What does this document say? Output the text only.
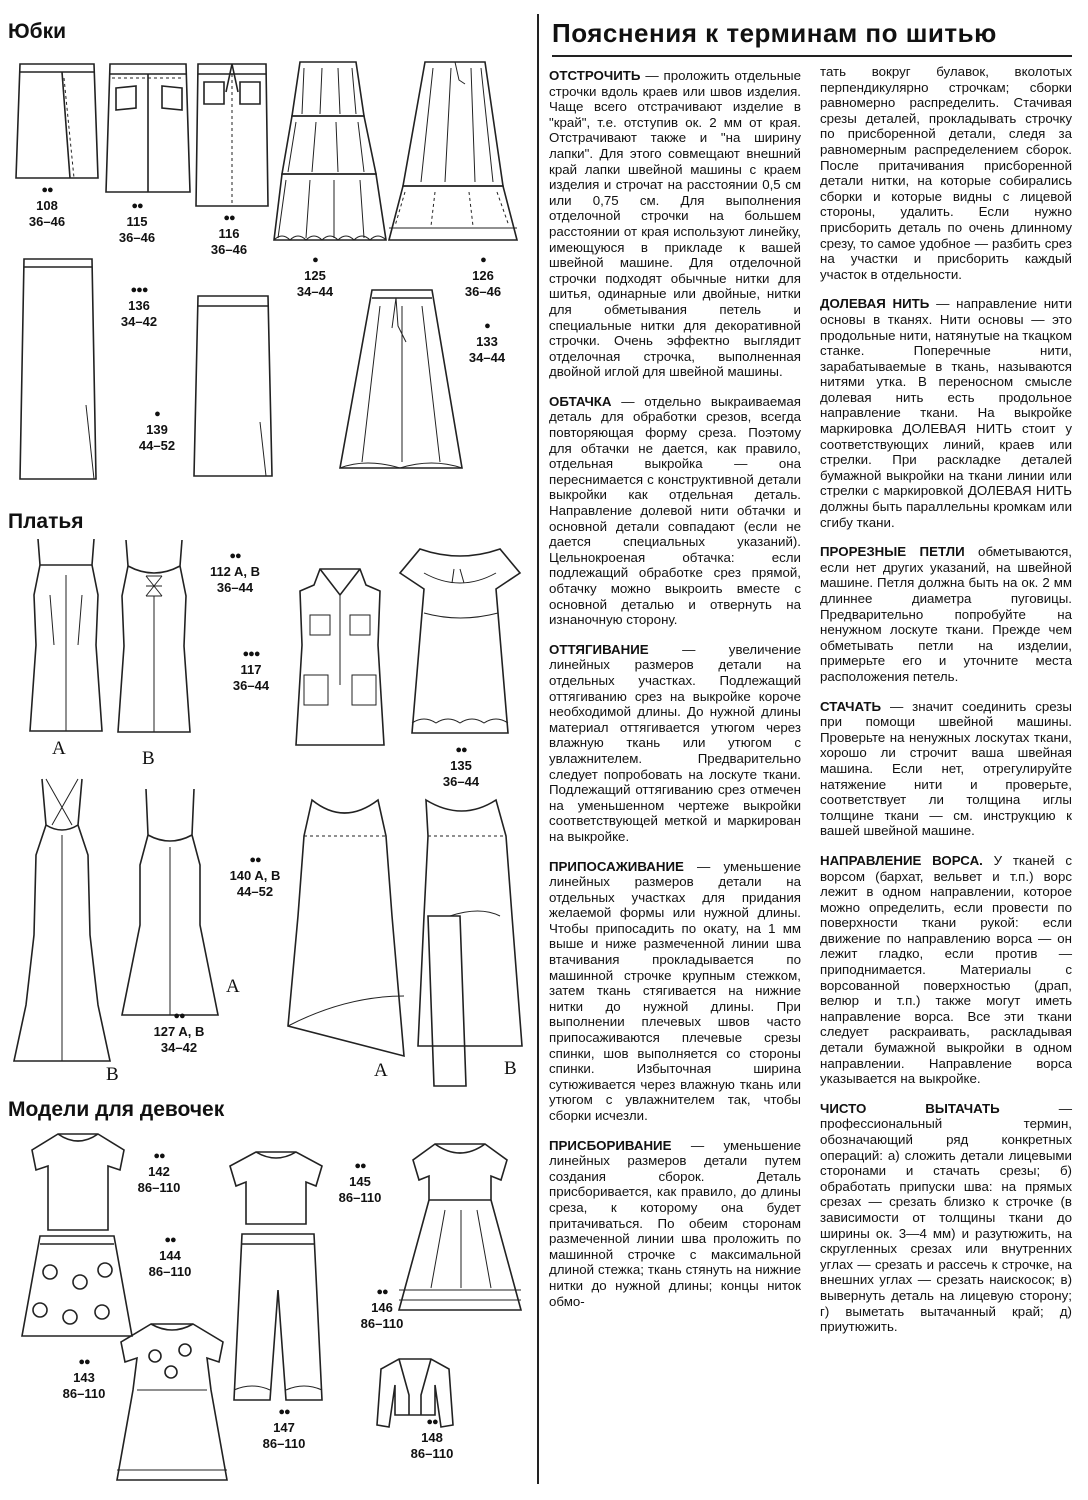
Юбки
Платья
Модели для девочек
●●
108
36–46
●●
115
36–46
●●
116
36–46
●
125
34–44
●
126
36–46
●●●
136
34–42	●
133
34–44
●
139
44–52
●●
112 A, B
36–44
●●●
117
36–44
●●
135
36–44
●●
140 A, B
44–52
●●
127 A, B
34–42
●●
142
86–110
●●
145
86–110
●●
144
86–110
●●
146
86–110
●●
143
86–110
●●
147
86–110
●●
148
86–110
A	B
A
B	A	B
Пояснения к терминам по шитью

ОТСТРОЧИТЬ — проложить отдельные строчки вдоль краев или швов изделия. Чаще всего отстрачивают изделие в "край", т.е. отступив ок. 2 мм от края. Отстрачивают также и "на ширину лапки". Для этого совмещают внешний край лапки швейной машины с краем изделия и строчат на расстоянии 0,5 см или 0,75 см. Для выполнения отделочной строчки на большем расстоянии от края используют линейку, имеющуюся в прикладе к вашей швейной машине. Для отделочной строчки подходят обычные нитки для шитья, одинарные или двойные, нитки для обметывания петель и специальные нитки для декоративной строчки. Очень эффектно выглядит отделочная строчка, выполненная двойной иглой для швейной машины.

ОБТАЧКА — отдельно выкраиваемая деталь для обработки срезов, всегда повторяющая форму среза. Поэтому для обтачки не дается, как правило, отдельная выкройка — она переснимается с конструктивной детали выкройки как отдельная деталь. Направление долевой нити обтачки и основной детали совпадают (если не дается специальных указаний). Цельнокроеная обтачка: если подлежащий обработке срез прямой, обтачку можно выкроить вместе с основной деталью и отвернуть на изнаночную сторону.

ОТТЯГИВАНИЕ — увеличение линейных размеров детали на отдельных участках. Подлежащий оттягиванию срез на выкройке короче необходимой длины. До нужной длины материал оттягивается утюгом через влажную ткань или утюгом с увлажнителем. Предварительно следует попробовать на лоскуте ткани. Подлежащий оттягиванию срез отмечен на уменьшенном чертеже выкройки соответствующей меткой и маркирован на выкройке.

ПРИПОСАЖИВАНИЕ — уменьшение линейных размеров детали на отдельных участках для придания желаемой формы или нужной длины. Чтобы припосадить по окату, на 1 мм выше и ниже размеченной линии шва втачивания прокладывается по машинной строчке крупным стежком, затем ткань стягивается на нижние нитки до нужной длины. При выполнении плечевых швов часто припосаживаются плечевые срезы спинки, шов выполняется со стороны спинки. Избыточная ширина сутюживается через влажную ткань или утюгом с увлажнителем так, чтобы сборки исчезли.

ПРИСБОРИВАНИЕ — уменьшение линейных размеров детали путем создания сборок. Деталь присборивается, как правило, до длины среза, к которому она будет притачиваться. По обеим сторонам размеченной линии шва проложить по машинной строчке с максимальной длиной стежка; ткань стянуть на нижние нитки до нужной длины; концы ниток обмо-

тать вокруг булавок, вколотых перпендикулярно строчкам; сборки равномерно распределить. Стачивая срезы деталей, прокладывать строчку по присборенной детали, следя за равномерным распределением сборок. После притачивания присборенной детали нитки, на которые собирались сборки и которые видны с лицевой стороны, удалить. Если нужно присборить деталь по очень длинному срезу, то самое удобное — разбить срез на участки и присборить каждый участок в отдельности.

ДОЛЕВАЯ НИТЬ — направление нити основы в тканях. Нити основы — это продольные нити, натянутые на ткацком станке. Поперечные нити, зарабатываемые в ткань, называются нитями утка. В переносном смысле долевая нить есть продольное направление ткани. На выкройке маркировка ДОЛЕВАЯ НИТЬ стоит у соответствующих линий, краев или стрелки. При раскладке деталей бумажной выкройки на ткани линии или стрелки с маркировкой ДОЛЕВАЯ НИТЬ должны быть параллельны кромкам или сгибу ткани.

ПРОРЕЗНЫЕ ПЕТЛИ обметываются, если нет других указаний, на швейной машине. Петля должна быть на ок. 2 мм длиннее диаметра пуговицы. Предварительно попробуйте на ненужном лоскуте ткани. Прежде чем обметывать петли на изделии, примерьте его и уточните места расположения петель.

СТАЧАТЬ — значит соединить срезы при помощи швейной машины. Проверьте на ненужных лоскутах ткани, хорошо ли строчит ваша швейная машина. Если нет, отрегулируйте натяжение нити и проверьте, соответствует ли толщина иглы толщине ткани — см. инструкцию к вашей швейной машине.

НАПРАВЛЕНИЕ ВОРСА. У тканей с ворсом (бархат, вельвет и т.п.) ворс лежит в одном направлении, которое можно определить, если провести по поверхности ткани рукой: если движение по направлению ворса — он лежит гладко, если против — приподнимается. Материалы с ворсованной поверхностью (драп, велюр и т.п.) также могут иметь направление ворса. Все эти ткани следует раскраивать, раскладывая детали бумажной выкройки в одном направлении. Направление ворса указывается на выкройке.

ЧИСТО ВЫТАЧАТЬ — профессиональный термин, обозначающий ряд конкретных операций: а) сложить детали лицевыми сторонами и стачать срезы; б) обработать припуски шва: на прямых срезах — срезать близко к строчке (в зависимости от толщины ткани до ширины ок. 3—4 мм) и разутюжить, на скругленных срезах или внутренних углах — срезать и рассечь к строчке, на внешних углах — срезать наискосок; в) вывернуть деталь на лицевую сторону; г) выметать вытачанный край; д) приутюжить.
